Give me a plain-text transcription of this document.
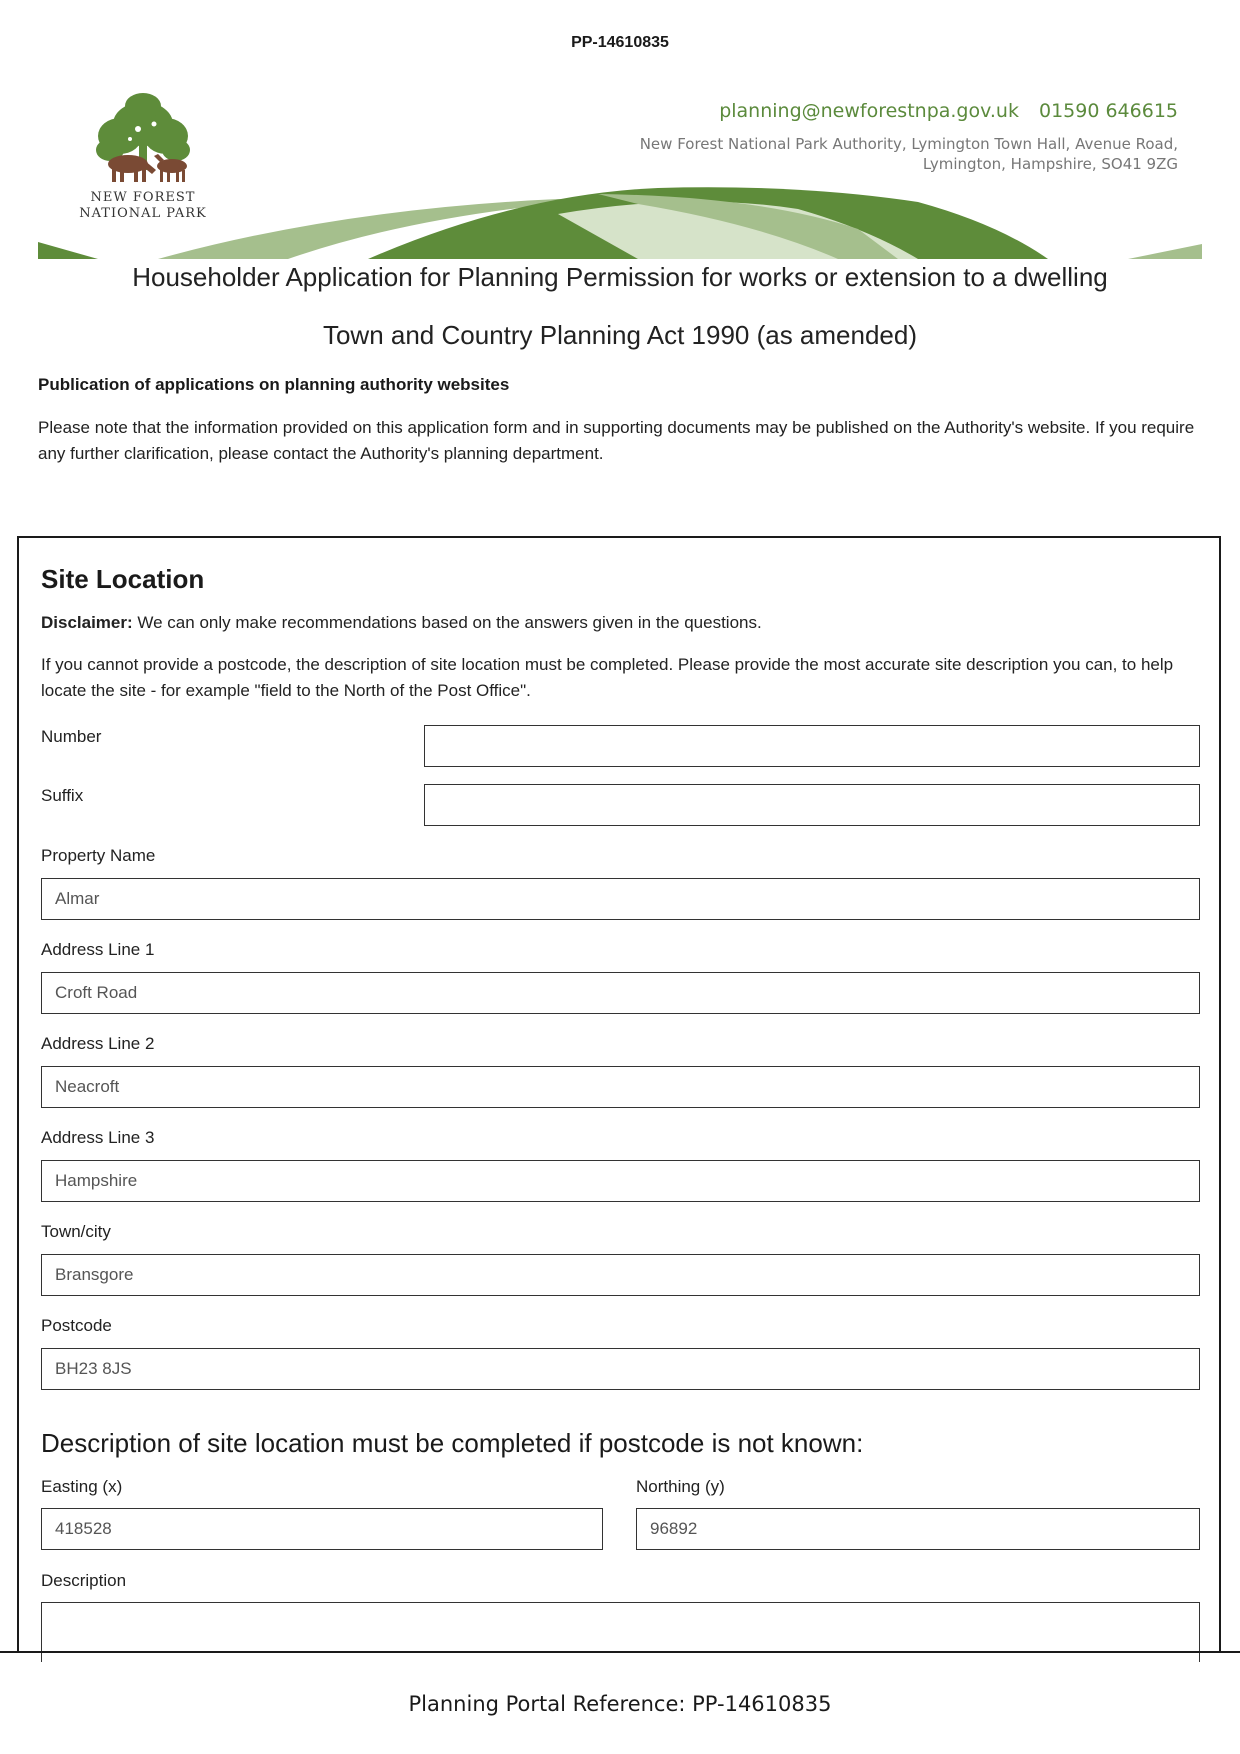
PP-14610835
NEW FOREST
NATIONAL PARK
planning@newforestnpa.gov.uk 01590 646615
New Forest National Park Authority, Lymington Town Hall, Avenue Road,
Lymington, Hampshire, SO41 9ZG
Householder Application for Planning Permission for works or extension to a dwelling
Town and Country Planning Act 1990 (as amended)
Publication of applications on planning authority websites
Please note that the information provided on this application form and in supporting documents may be published on the Authority's website. If you require any further clarification, please contact the Authority's planning department.
Site Location
Disclaimer: We can only make recommendations based on the answers given in the questions.
If you cannot provide a postcode, the description of site location must be completed. Please provide the most accurate site description you can, to help locate the site - for example "field to the North of the Post Office".
Number
Suffix
Property Name
Almar
Address Line 1
Croft Road
Address Line 2
Neacroft
Address Line 3
Hampshire
Town/city
Bransgore
Postcode
BH23 8JS
Description of site location must be completed if postcode is not known:
Easting (x)
418528
Northing (y)
96892
Description
Planning Portal Reference: PP-14610835
